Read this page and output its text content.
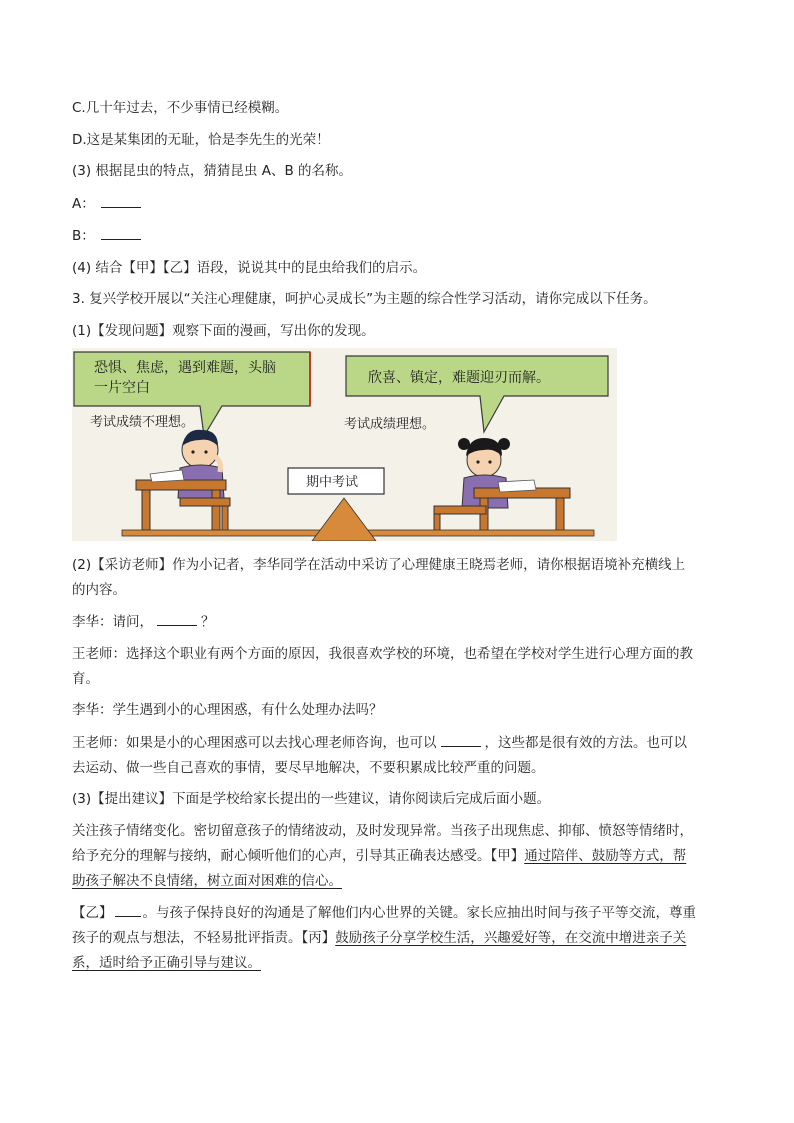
C.几十年过去，不少事情已经模糊。

D.这是某集团的无耻，恰是李先生的光荣！

(3) 根据昆虫的特点，猜猜昆虫 A、B 的名称。

A：

B：

(4) 结合【甲】【乙】语段，说说其中的昆虫给我们的启示。

3. 复兴学校开展以“关注心理健康，呵护心灵成长”为主题的综合性学习活动，请你完成以下任务。

(1)【发现问题】观察下面的漫画，写出你的发现。

恐惧、焦虑，遇到难题，头脑
一片空白
欣喜、镇定，难题迎刃而解。
考试成绩不理想。	考试成绩理想。
期中考试

(2)【采访老师】作为小记者，李华同学在活动中采访了心理健康王晓焉老师，请你根据语境补充横线上

的内容。

李华：请问，	？

王老师：选择这个职业有两个方面的原因，我很喜欢学校的环境，也希望在学校对学生进行心理方面的教

育。

李华：学生遇到小的心理困惑，有什么处理办法吗？

王老师：如果是小的心理困惑可以去找心理老师咨询，也可以	，这些都是很有效的方法。也可以

去运动、做一些自己喜欢的事情，要尽早地解决，不要积累成比较严重的问题。

(3)【提出建议】下面是学校给家长提出的一些建议，请你阅读后完成后面小题。

关注孩子情绪变化。密切留意孩子的情绪波动，及时发现异常。当孩子出现焦虑、抑郁、愤怒等情绪时，

给予充分的理解与接纳，耐心倾听他们的心声，引导其正确表达感受。【甲】通过陪伴、鼓励等方式，帮

助孩子解决不良情绪，树立面对困难的信心。

【乙】 。与孩子保持良好的沟通是了解他们内心世界的关键。家长应抽出时间与孩子平等交流，尊重

孩子的观点与想法，不轻易批评指责。【丙】鼓励孩子分享学校生活，兴趣爱好等，在交流中增进亲子关

系，适时给予正确引导与建议。
